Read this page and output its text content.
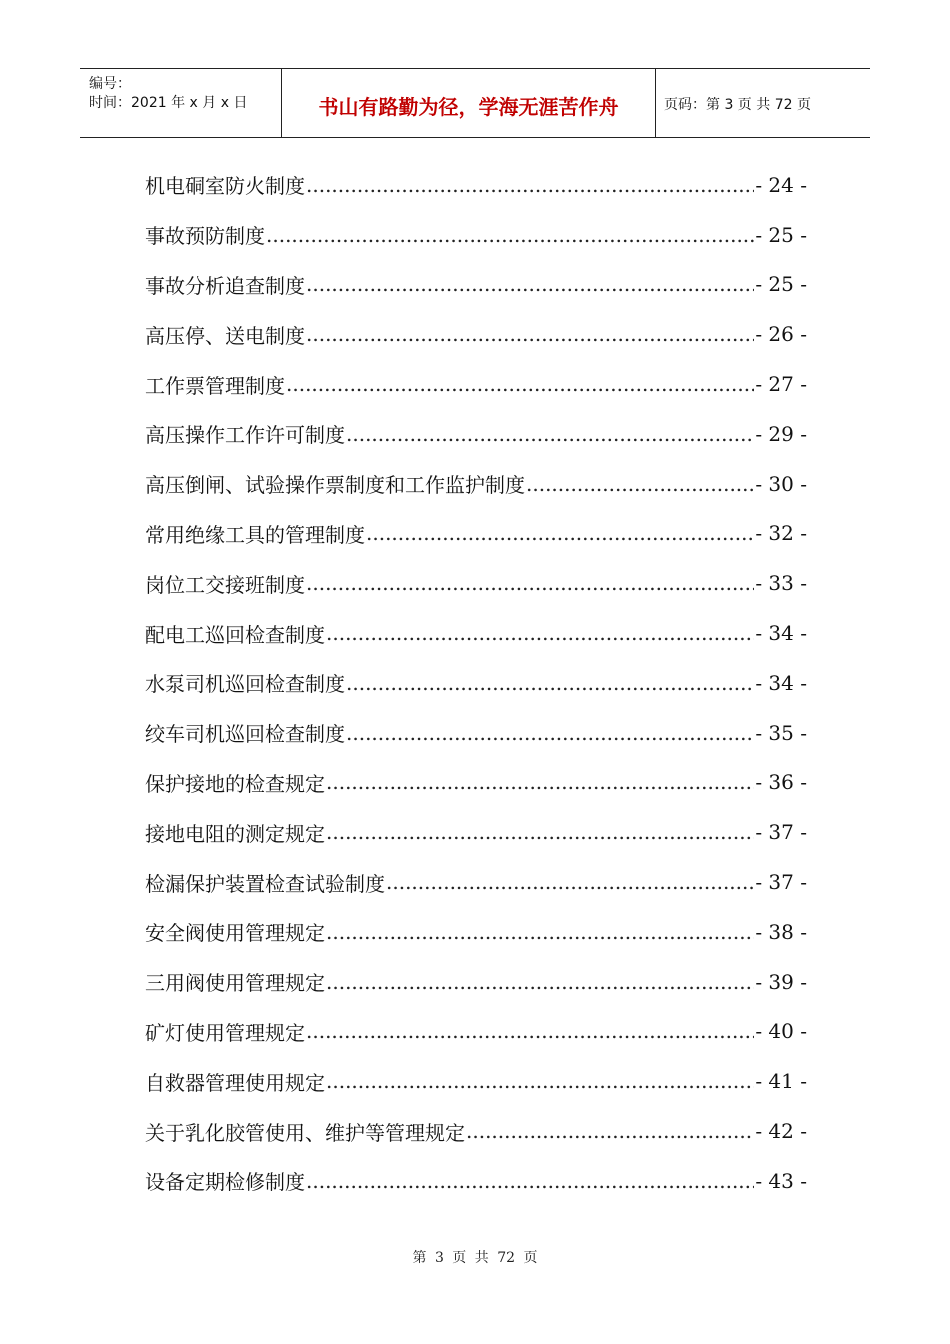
编号：
时间：2021 年 x 月 x 日	书山有路勤为径，学海无涯苦作舟	页码：第 3 页 共 72 页
机电硐室防火制度 .....	- 24 -
事故预防制度 .....	- 25 -
事故分析追查制度 .....	- 25 -
高压停、送电制度 .....	- 26 -
工作票管理制度 .....	- 27 -
高压操作工作许可制度 .....	- 29 -
高压倒闸、试验操作票制度和工作监护制度 .....	- 30 -
常用绝缘工具的管理制度 .....	- 32 -
岗位工交接班制度 .....	- 33 -
配电工巡回检查制度 .....	- 34 -
水泵司机巡回检查制度 .....	- 34 -
绞车司机巡回检查制度 .....	- 35 -
保护接地的检查规定 .....	- 36 -
接地电阻的测定规定 .....	- 37 -
检漏保护装置检查试验制度 .....	- 37 -
安全阀使用管理规定 .....	- 38 -
三用阀使用管理规定 .....	- 39 -
矿灯使用管理规定 .....	- 40 -
自救器管理使用规定 .....	- 41 -
关于乳化胶管使用、维护等管理规定 .....	- 42 -
设备定期检修制度 .....	- 43 -
第 3 页 共 72 页
